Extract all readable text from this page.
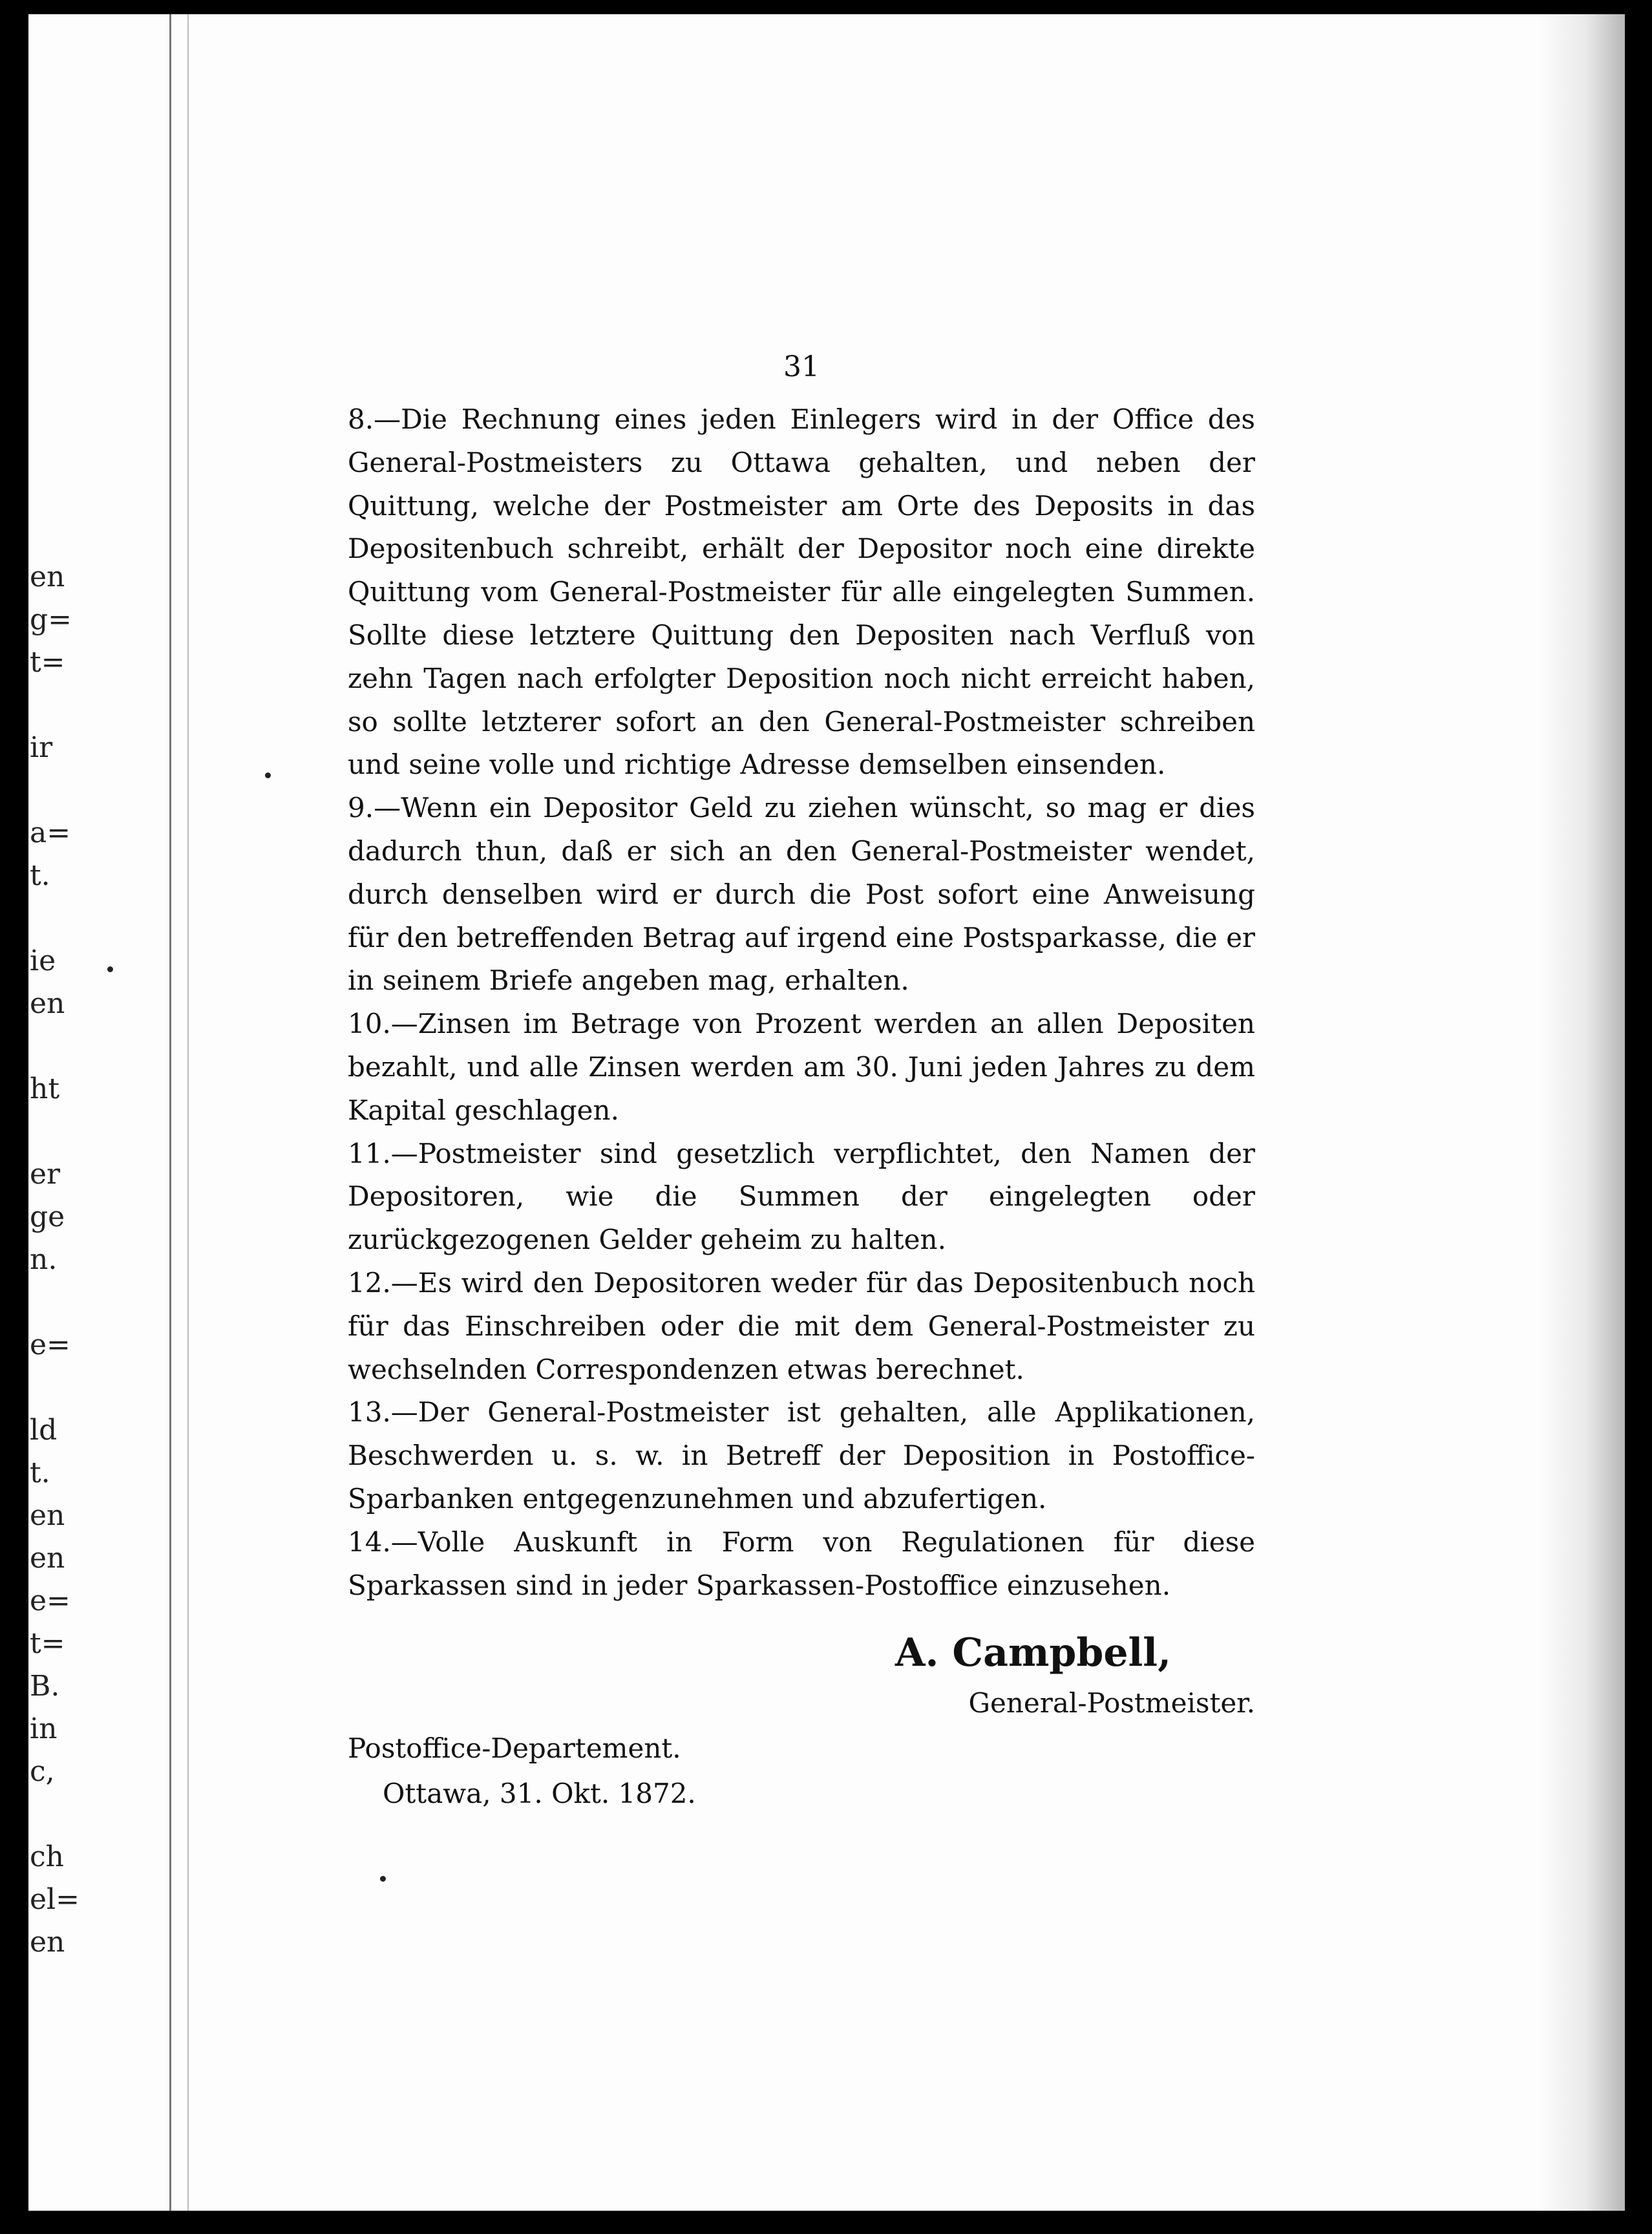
en
g=
t=
ir
a=
t.
ie
en
ht
er
ge
n.
e=
ld
t.
en
en
e=
t=
B.
in
c,
ch
el=
en
31

8.—Die Rechnung eines jeden Einlegers wird in der Office des General-Postmeisters zu Ottawa gehalten, und neben der Quittung, welche der Postmeister am Orte des Deposits in das Depositenbuch schreibt, erhält der Depositor noch eine direkte Quittung vom General-Postmeister für alle eingelegten Summen. Sollte diese letztere Quittung den Depositen nach Verfluß von zehn Tagen nach erfolgter Deposition noch nicht erreicht haben, so sollte letzterer sofort an den General-Postmeister schreiben und seine volle und richtige Adresse demselben einsenden.

9.—Wenn ein Depositor Geld zu ziehen wünscht, so mag er dies dadurch thun, daß er sich an den General-Postmeister wendet, durch denselben wird er durch die Post sofort eine Anweisung für den betreffenden Betrag auf irgend eine Postsparkasse, die er in seinem Briefe angeben mag, erhalten.

10.—Zinsen im Betrage von Prozent werden an allen Depositen bezahlt, und alle Zinsen werden am 30. Juni jeden Jahres zu dem Kapital geschlagen.

11.—Postmeister sind gesetzlich verpflichtet, den Namen der Depositoren, wie die Summen der eingelegten oder zurückgezogenen Gelder geheim zu halten.

12.—Es wird den Depositoren weder für das Depositenbuch noch für das Einschreiben oder die mit dem General-Postmeister zu wechselnden Correspondenzen etwas berechnet.

13.—Der General-Postmeister ist gehalten, alle Applikationen, Beschwerden u. s. w. in Betreff der Deposition in Postoffice-Sparbanken entgegenzunehmen und abzufertigen.

14.—Volle Auskunft in Form von Regulationen für diese Sparkassen sind in jeder Sparkassen-Postoffice einzusehen.

A. Campbell,
General-Postmeister.
Postoffice-Departement.
Ottawa, 31. Okt. 1872.
